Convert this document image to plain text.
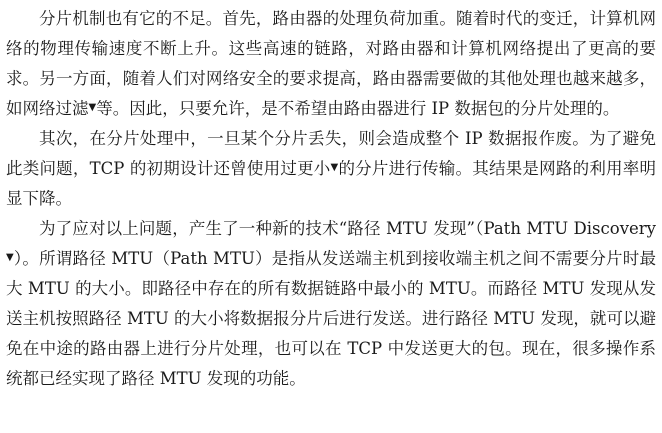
分片机制也有它的不足。首先，路由器的处理负荷加重。随着时代的变迁，计算机网络的物理传输速度不断上升。这些高速的链路，对路由器和计算机网络提出了更高的要求。另一方面，随着人们对网络安全的要求提高，路由器需要做的其他处理也越来越多，如网络过滤▼等。因此，只要允许，是不希望由路由器进行 IP 数据包的分片处理的。

其次，在分片处理中，一旦某个分片丢失，则会造成整个 IP 数据报作废。为了避免此类问题，TCP 的初期设计还曾使用过更小▼的分片进行传输。其结果是网路的利用率明显下降。

为了应对以上问题，产生了一种新的技术“路径 MTU 发现”（Path MTU Discovery▼）。所谓路径 MTU（Path MTU）是指从发送端主机到接收端主机之间不需要分片时最大 MTU 的大小。即路径中存在的所有数据链路中最小的 MTU。而路径 MTU 发现从发送主机按照路径 MTU 的大小将数据报分片后进行发送。进行路径 MTU 发现，就可以避免在中途的路由器上进行分片处理，也可以在 TCP 中发送更大的包。现在，很多操作系统都已经实现了路径 MTU 发现的功能。
